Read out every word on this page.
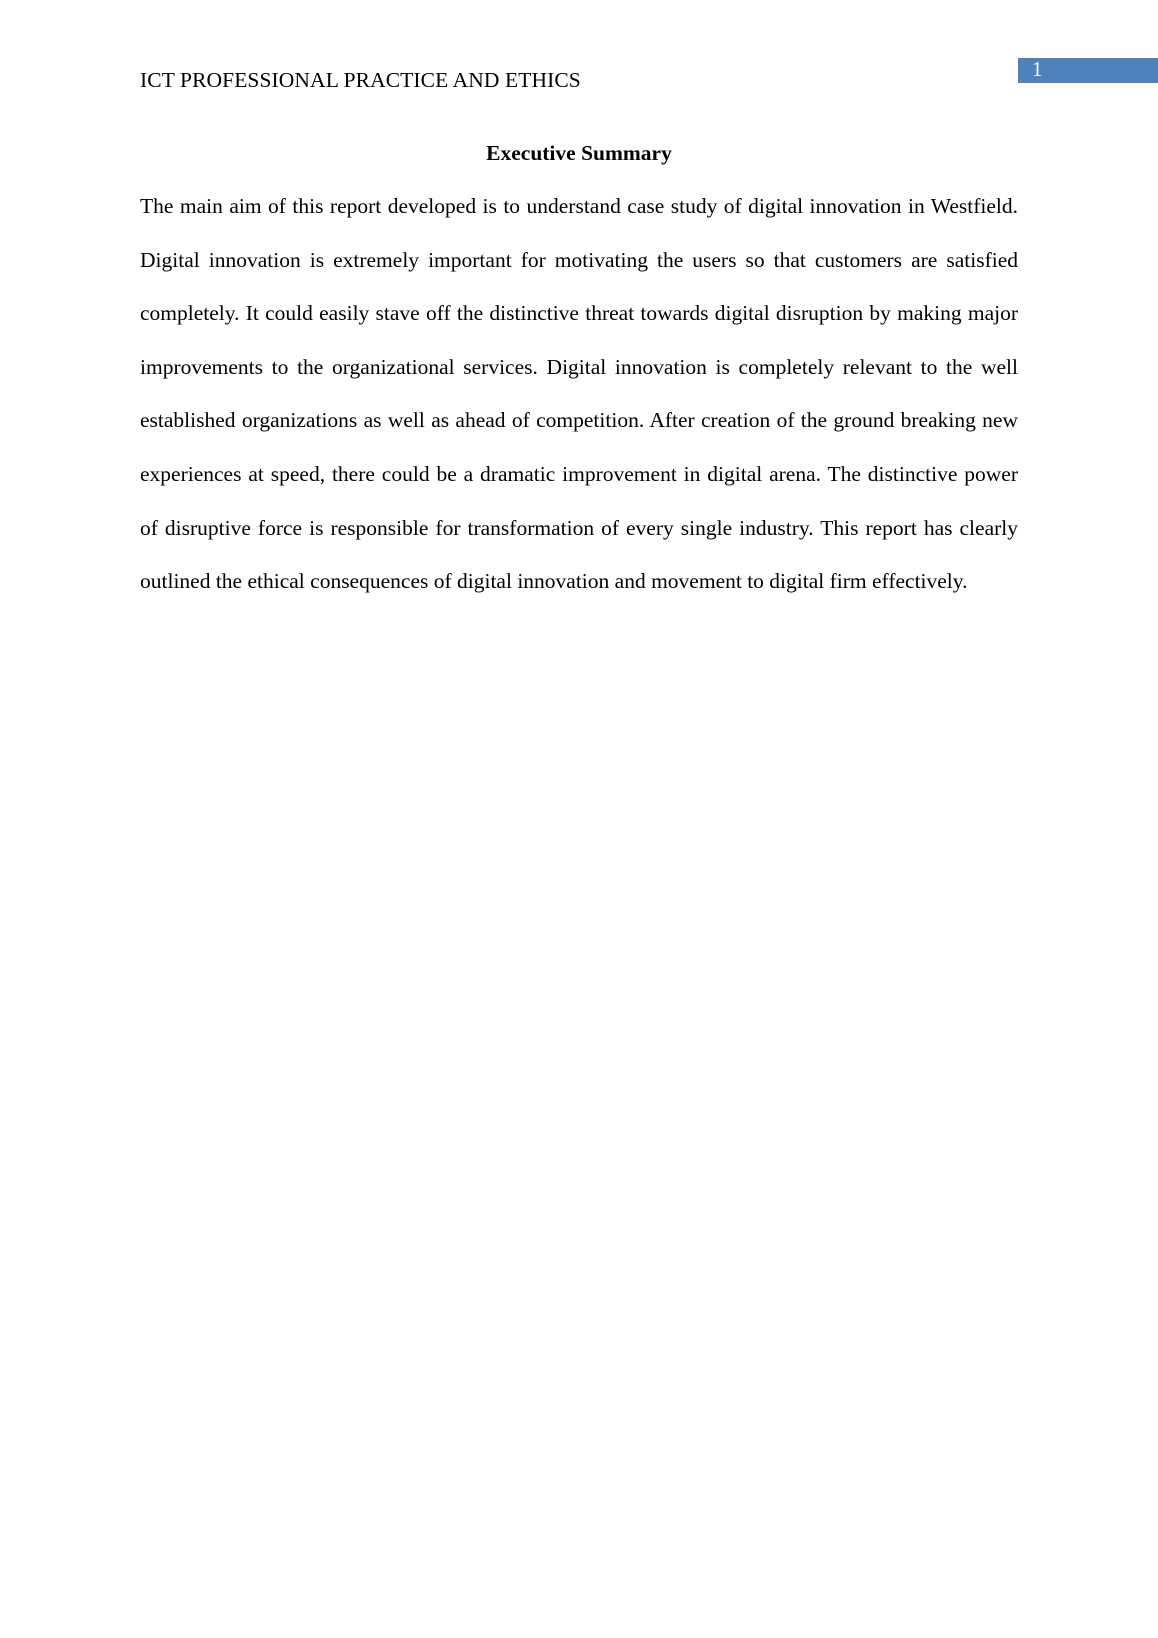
ICT PROFESSIONAL PRACTICE AND ETHICS	1
Executive Summary

The main aim of this report developed is to understand case study of digital innovation in Westfield. Digital innovation is extremely important for motivating the users so that customers are satisfied completely. It could easily stave off the distinctive threat towards digital disruption by making major improvements to the organizational services. Digital innovation is completely relevant to the well established organizations as well as ahead of competition. After creation of the ground breaking new experiences at speed, there could be a dramatic improvement in digital arena. The distinctive power of disruptive force is responsible for transformation of every single industry. This report has clearly outlined the ethical consequences of digital innovation and movement to digital firm effectively.
